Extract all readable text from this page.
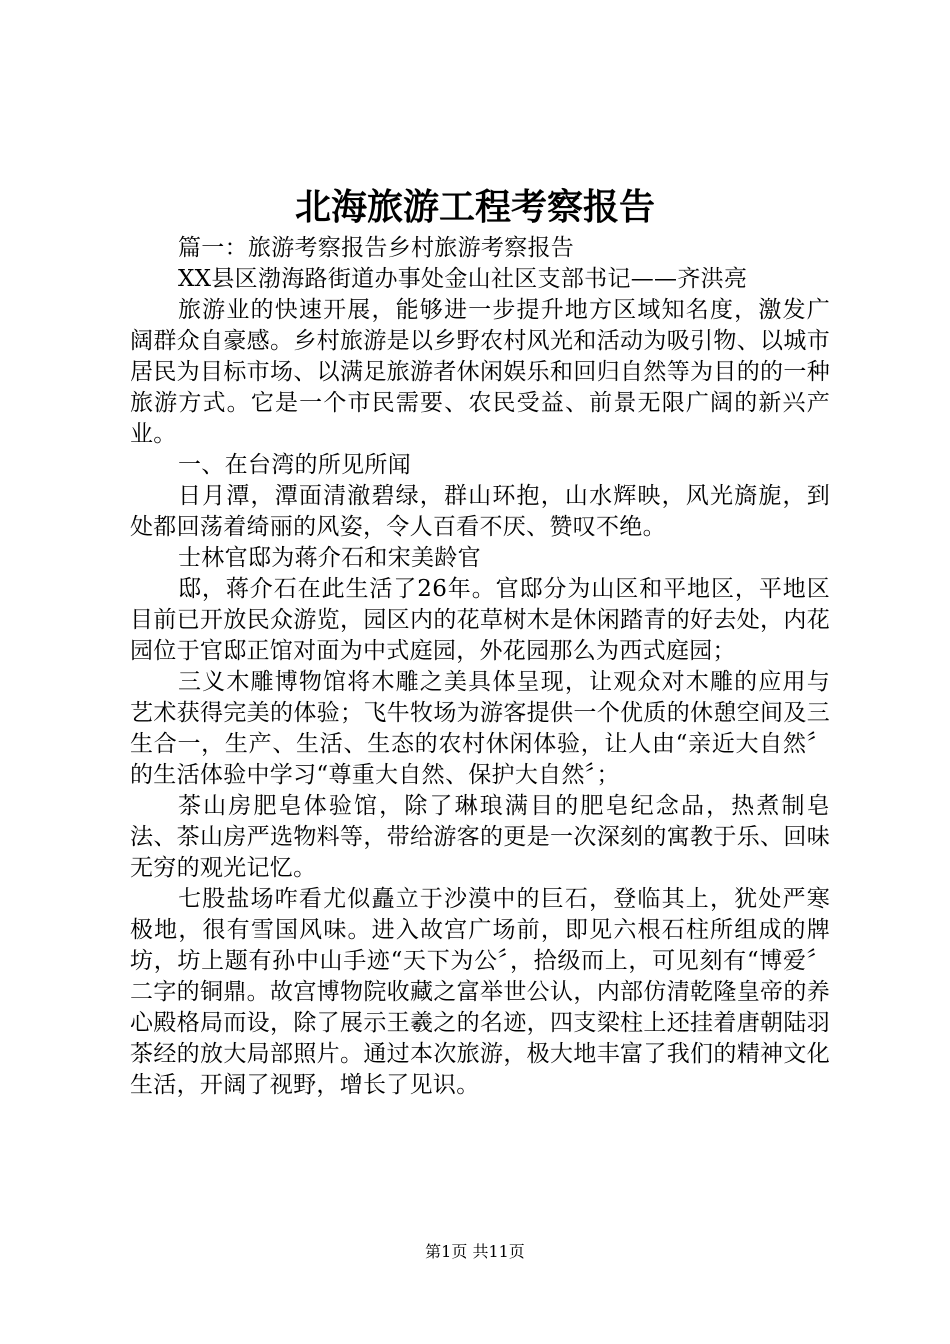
北海旅游工程考察报告

篇一：旅游考察报告乡村旅游考察报告

XX县区渤海路街道办事处金山社区支部书记——齐洪亮

旅游业的快速开展，能够进一步提升地方区域知名度，激发广阔群众自豪感。乡村旅游是以乡野农村风光和活动为吸引物、以城市居民为目标市场、以满足旅游者休闲娱乐和回归自然等为目的的一种旅游方式。它是一个市民需要、农民受益、前景无限广阔的新兴产业。

一、在台湾的所见所闻

日月潭，潭面清澈碧绿，群山环抱，山水辉映，风光旖旎，到处都回荡着绮丽的风姿，令人百看不厌、赞叹不绝。

士林官邸为蒋介石和宋美龄官

邸，蒋介石在此生活了26年。官邸分为山区和平地区，平地区目前已开放民众游览，园区内的花草树木是休闲踏青的好去处，内花园位于官邸正馆对面为中式庭园，外花园那么为西式庭园；

三义木雕博物馆将木雕之美具体呈现，让观众对木雕的应用与艺术获得完美的体验；飞牛牧场为游客提供一个优质的休憩空间及三生合一，生产、生活、生态的农村休闲体验，让人由“亲近大自然〞的生活体验中学习“尊重大自然、保护大自然〞；

茶山房肥皂体验馆，除了琳琅满目的肥皂纪念品，热煮制皂法、茶山房严选物料等，带给游客的更是一次深刻的寓教于乐、回味无穷的观光记忆。

七股盐场咋看尤似矗立于沙漠中的巨石，登临其上，犹处严寒极地，很有雪国风味。进入故宫广场前，即见六根石柱所组成的牌坊，坊上题有孙中山手迹“天下为公〞，拾级而上，可见刻有“博爱〞二字的铜鼎。故宫博物院收藏之富举世公认，内部仿清乾隆皇帝的养心殿格局而设，除了展示王羲之的名迹，四支梁柱上还挂着唐朝陆羽茶经的放大局部照片。通过本次旅游，极大地丰富了我们的精神文化生活，开阔了视野，增长了见识。

第1页 共11页
